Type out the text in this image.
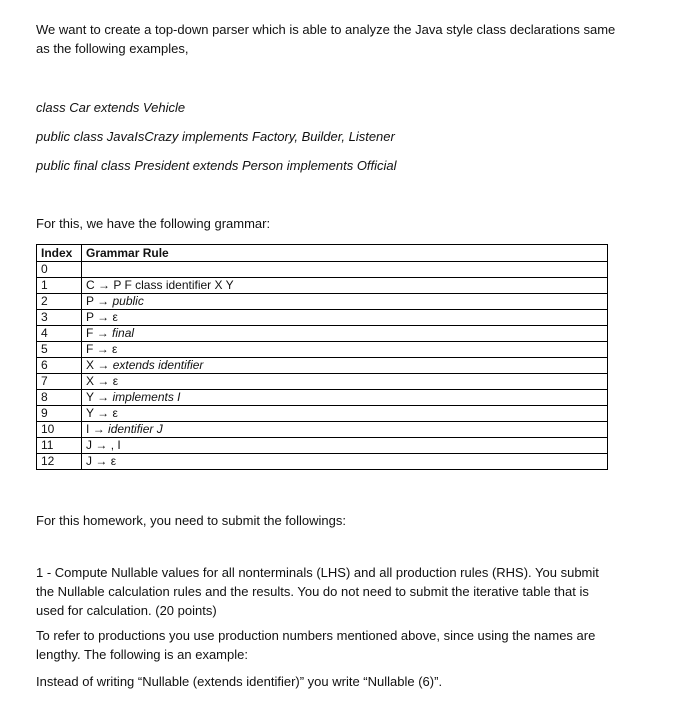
We want to create a top-down parser which is able to analyze the Java style class declarations same as the following examples,
class Car extends Vehicle
public class JavaIsCrazy implements Factory, Builder, Listener
public final class President extends Person implements Official
For this, we have the following grammar:
Index	Grammar Rule
0	
1	C → P F class identifier X Y
2	P → public
3	P → ε
4	F → final
5	F → ε
6	X → extends identifier
7	X → ε
8	Y → implements I
9	Y → ε
10	I → identifier J
11	J → , I
12	J → ε
For this homework, you need to submit the followings:
1 - Compute Nullable values for all nonterminals (LHS) and all production rules (RHS). You submit the Nullable calculation rules and the results. You do not need to submit the iterative table that is used for calculation. (20 points)
To refer to productions you use production numbers mentioned above, since using the names are lengthy. The following is an example:
Instead of writing “Nullable (extends identifier)” you write “Nullable (6)”.
